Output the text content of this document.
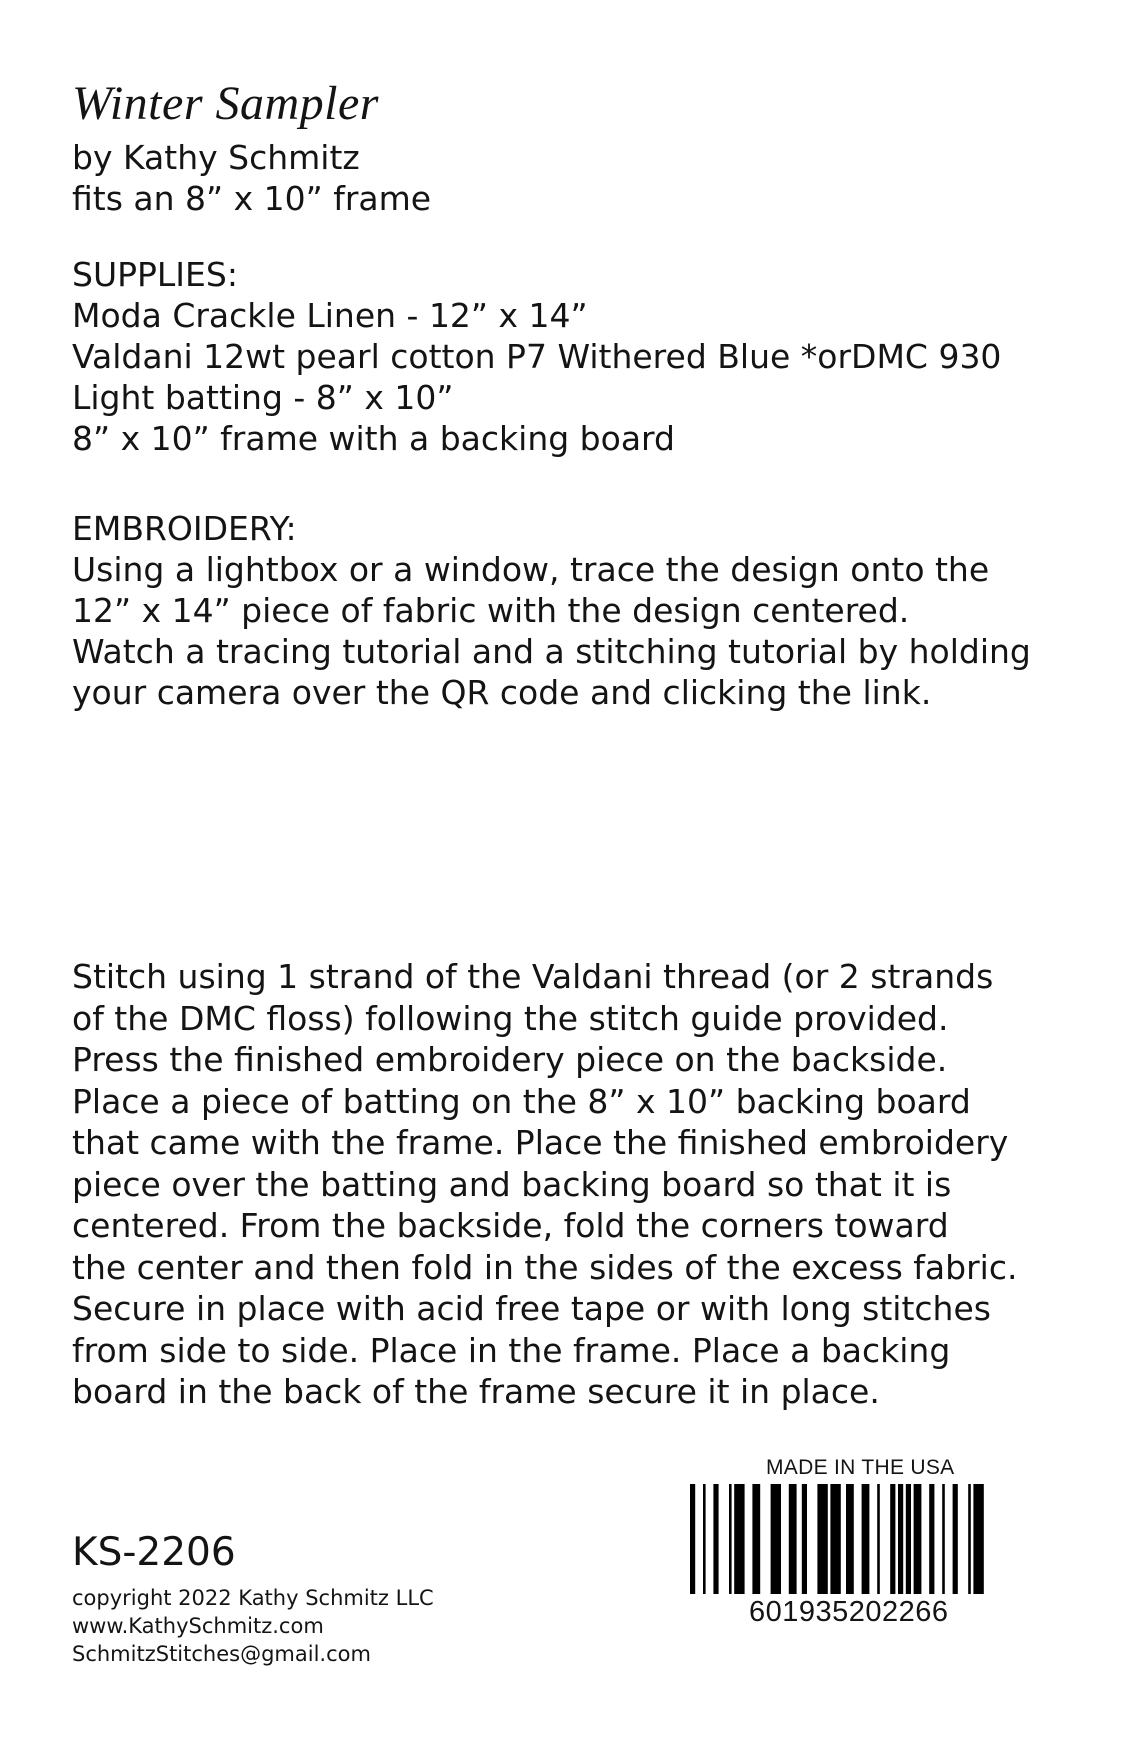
Winter Sampler
by Kathy Schmitz
fits an 8” x 10” frame
SUPPLIES:
Moda Crackle Linen - 12” x 14”
Valdani 12wt pearl cotton P7 Withered Blue *orDMC 930
Light batting - 8” x 10”
8” x 10” frame with a backing board
EMBROIDERY:
Using a lightbox or a window, trace the design onto the
12” x 14” piece of fabric with the design centered.
Watch a tracing tutorial and a stitching tutorial by holding
your camera over the QR code and clicking the link.
Stitch using 1 strand of the Valdani thread (or 2 strands
of the DMC floss) following the stitch guide provided.
Press the finished embroidery piece on the backside.
Place a piece of batting on the 8” x 10” backing board
that came with the frame. Place the finished embroidery
piece over the batting and backing board so that it is
centered. From the backside, fold the corners toward
the center and then fold in the sides of the excess fabric.
Secure in place with acid free tape or with long stitches
from side to side. Place in the frame. Place a backing
board in the back of the frame secure it in place.
KS-2206
copyright 2022 Kathy Schmitz LLC
www.KathySchmitz.com
SchmitzStitches@gmail.com
MADE IN THE USA
601935202266
